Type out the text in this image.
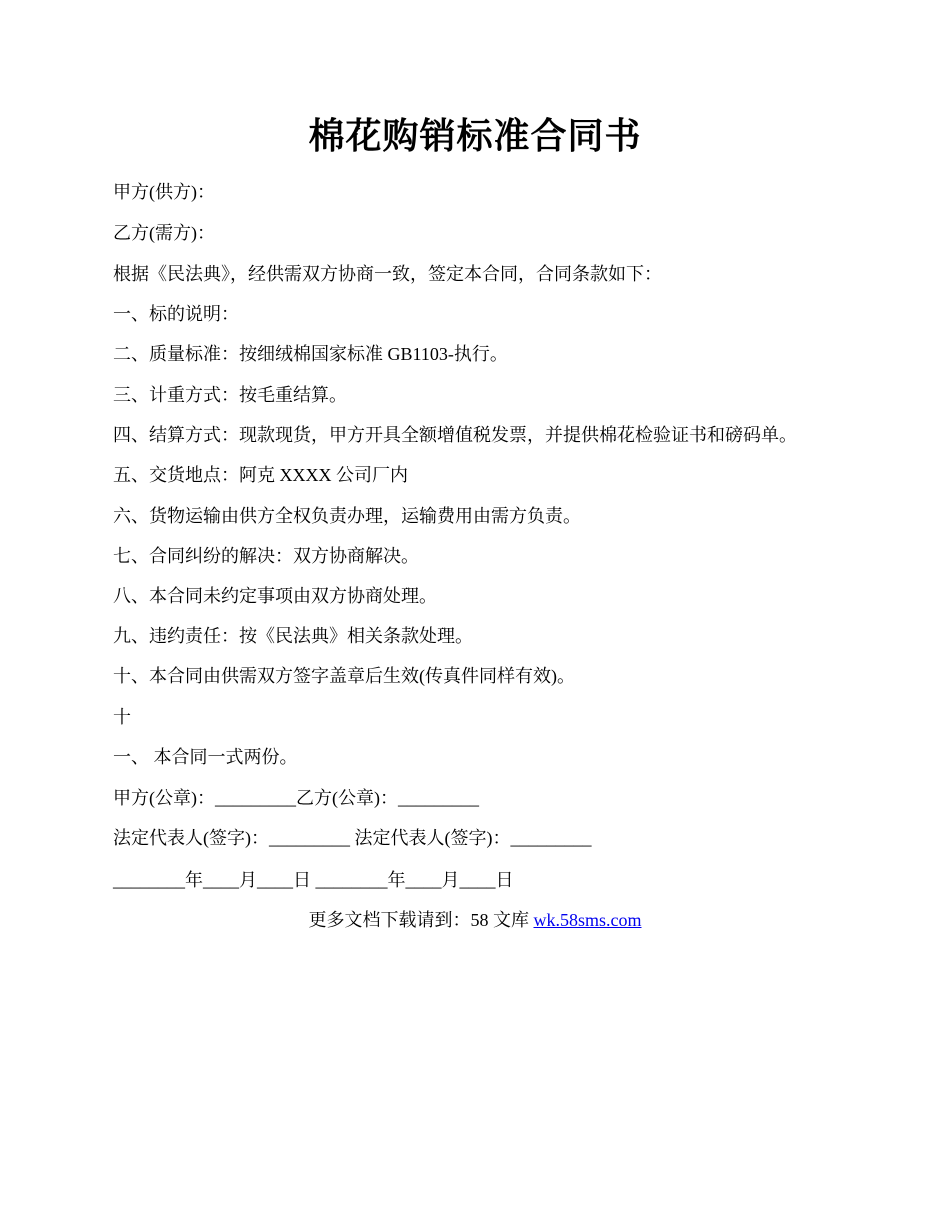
棉花购销标准合同书
甲方(供方)：
乙方(需方)：
根据《民法典》，经供需双方协商一致，签定本合同，合同条款如下：
一、标的说明：
二、质量标准：按细绒棉国家标准 GB1103-执行。
三、计重方式：按毛重结算。
四、结算方式：现款现货，甲方开具全额增值税发票，并提供棉花检验证书和磅码单。
五、交货地点：阿克 XXXX 公司厂内
六、货物运输由供方全权负责办理，运输费用由需方负责。
七、合同纠纷的解决：双方协商解决。
八、本合同未约定事项由双方协商处理。
九、违约责任：按《民法典》相关条款处理。
十、本合同由供需双方签字盖章后生效(传真件同样有效)。
十
一、 本合同一式两份。
甲方(公章)：_________乙方(公章)：_________
法定代表人(签字)：_________ 法定代表人(签字)：_________
________年____月____日 ________年____月____日
更多文档下载请到：58 文库 wk.58sms.com
